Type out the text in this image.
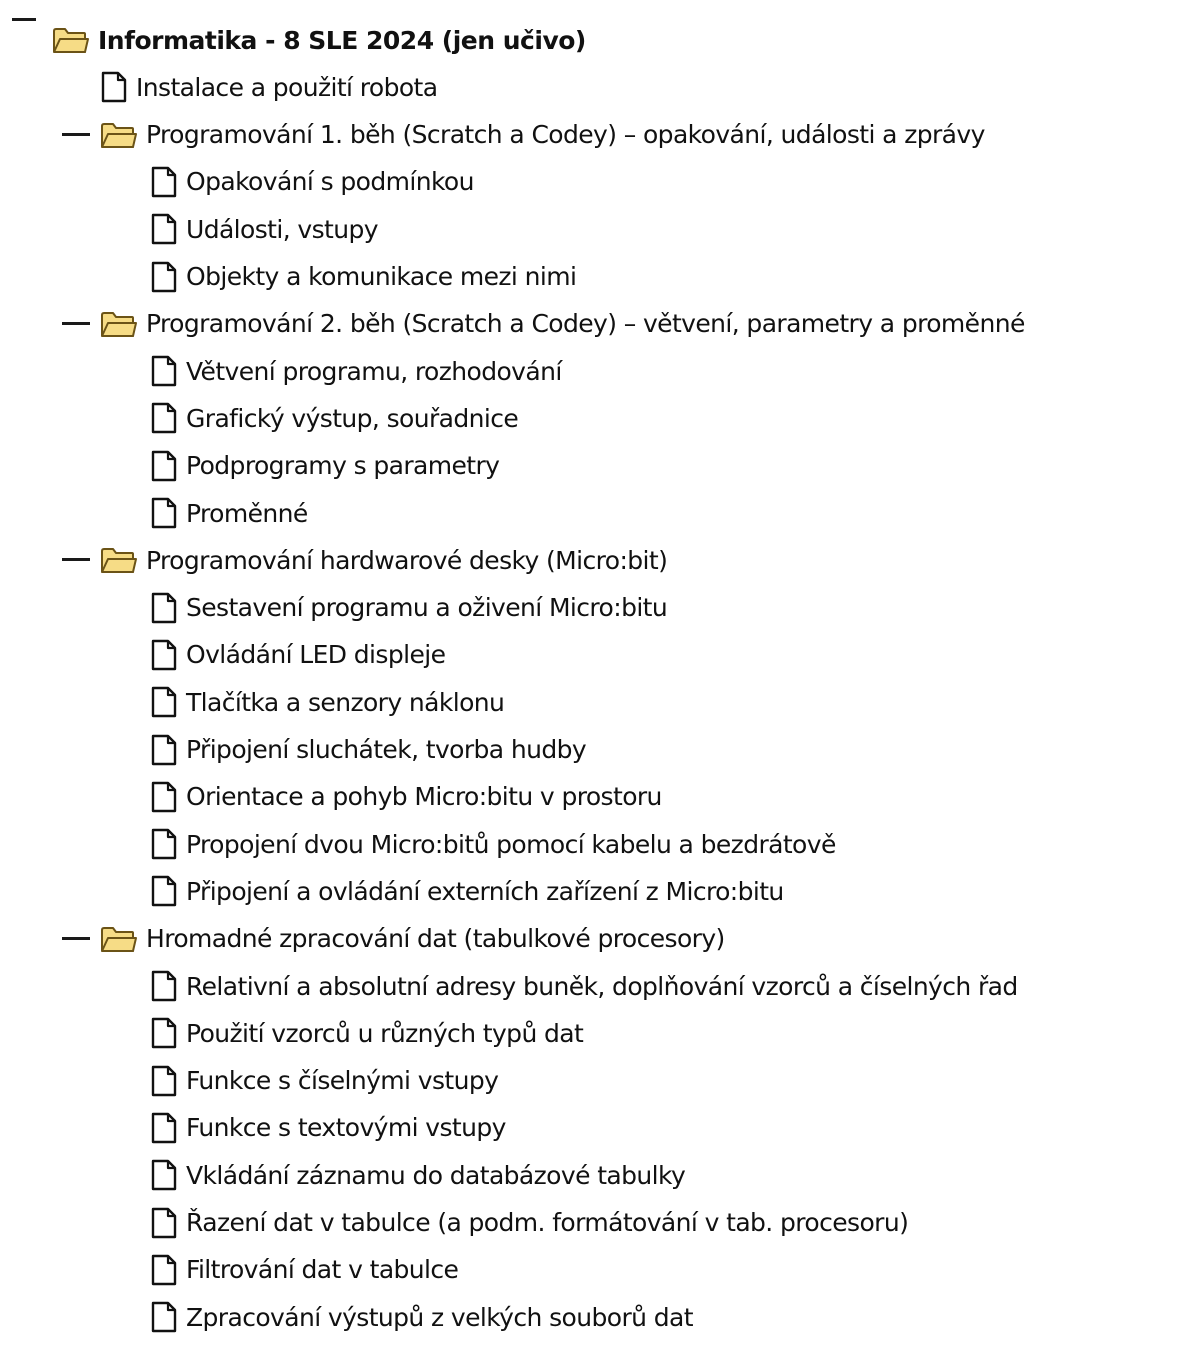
Informatika - 8 SLE 2024 (jen učivo)
Instalace a použití robota
Programování 1. běh (Scratch a Codey) – opakování, události a zprávy
Opakování s podmínkou
Události, vstupy
Objekty a komunikace mezi nimi
Programování 2. běh (Scratch a Codey) – větvení, parametry a proměnné
Větvení programu, rozhodování
Grafický výstup, souřadnice
Podprogramy s parametry
Proměnné
Programování hardwarové desky (Micro:bit)
Sestavení programu a oživení Micro:bitu
Ovládání LED displeje
Tlačítka a senzory náklonu
Připojení sluchátek, tvorba hudby
Orientace a pohyb Micro:bitu v prostoru
Propojení dvou Micro:bitů pomocí kabelu a bezdrátově
Připojení a ovládání externích zařízení z Micro:bitu
Hromadné zpracování dat (tabulkové procesory)
Relativní a absolutní adresy buněk, doplňování vzorců a číselných řad
Použití vzorců u různých typů dat
Funkce s číselnými vstupy
Funkce s textovými vstupy
Vkládání záznamu do databázové tabulky
Řazení dat v tabulce (a podm. formátování v tab. procesoru)
Filtrování dat v tabulce
Zpracování výstupů z velkých souborů dat
